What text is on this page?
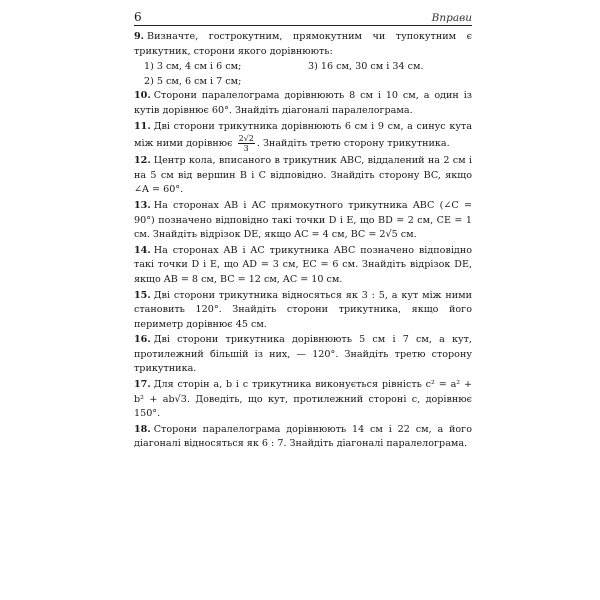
6	Вправи
9. Визначте, гострокутним, прямокутним чи тупокутним є трикутник, сторони якого дорівнюють:
1) 3 см, 4 см і 6 см;	3) 16 см, 30 см і 34 см.
2) 5 см, 6 см і 7 см;
10. Сторони паралелограма дорівнюють 8 см і 10 см, а один із кутів дорівнює 60°. Знайдіть діагоналі паралелограма.
11. Дві сторони трикутника дорівнюють 6 см і 9 см, а синус кута між ними дорівнює $\frac{2√2}{3}$ . Знайдіть третю сторону трикутника.
12. Центр кола, вписаного в трикутник ABC, віддалений на 2 см і на 5 см від вершин B і C відповідно. Знайдіть сторону BC, якщо ∠A = 60°.
13. На сторонах AB і AC прямокутного трикутника ABC (∠C = 90°) позначено відповідно такі точки D і E, що BD = 2 см, CE = 1 см. Знайдіть відрізок DE, якщо AC = 4 см, BC = 2√5 см.
14. На сторонах AB і AC трикутника ABC позначено відповідно такі точки D і E, що AD = 3 см, EC = 6 см. Знайдіть відрізок DE, якщо AB = 8 см, BC = 12 см, AC = 10 см.
15. Дві сторони трикутника відносяться як 3 : 5, а кут між ними становить 120°. Знайдіть сторони трикутника, якщо його периметр дорівнює 45 см.
16. Дві сторони трикутника дорівнюють 5 см і 7 см, а кут, протилежний більшій із них, — 120°. Знайдіть третю сторону трикутника.
17. Для сторін a, b і c трикутника виконується рівність c² = a² + b² + ab√3. Доведіть, що кут, протилежний стороні c, дорівнює 150°.
18. Сторони паралелограма дорівнюють 14 см і 22 см, а його діагоналі відносяться як 6 : 7. Знайдіть діагоналі паралелограма.
